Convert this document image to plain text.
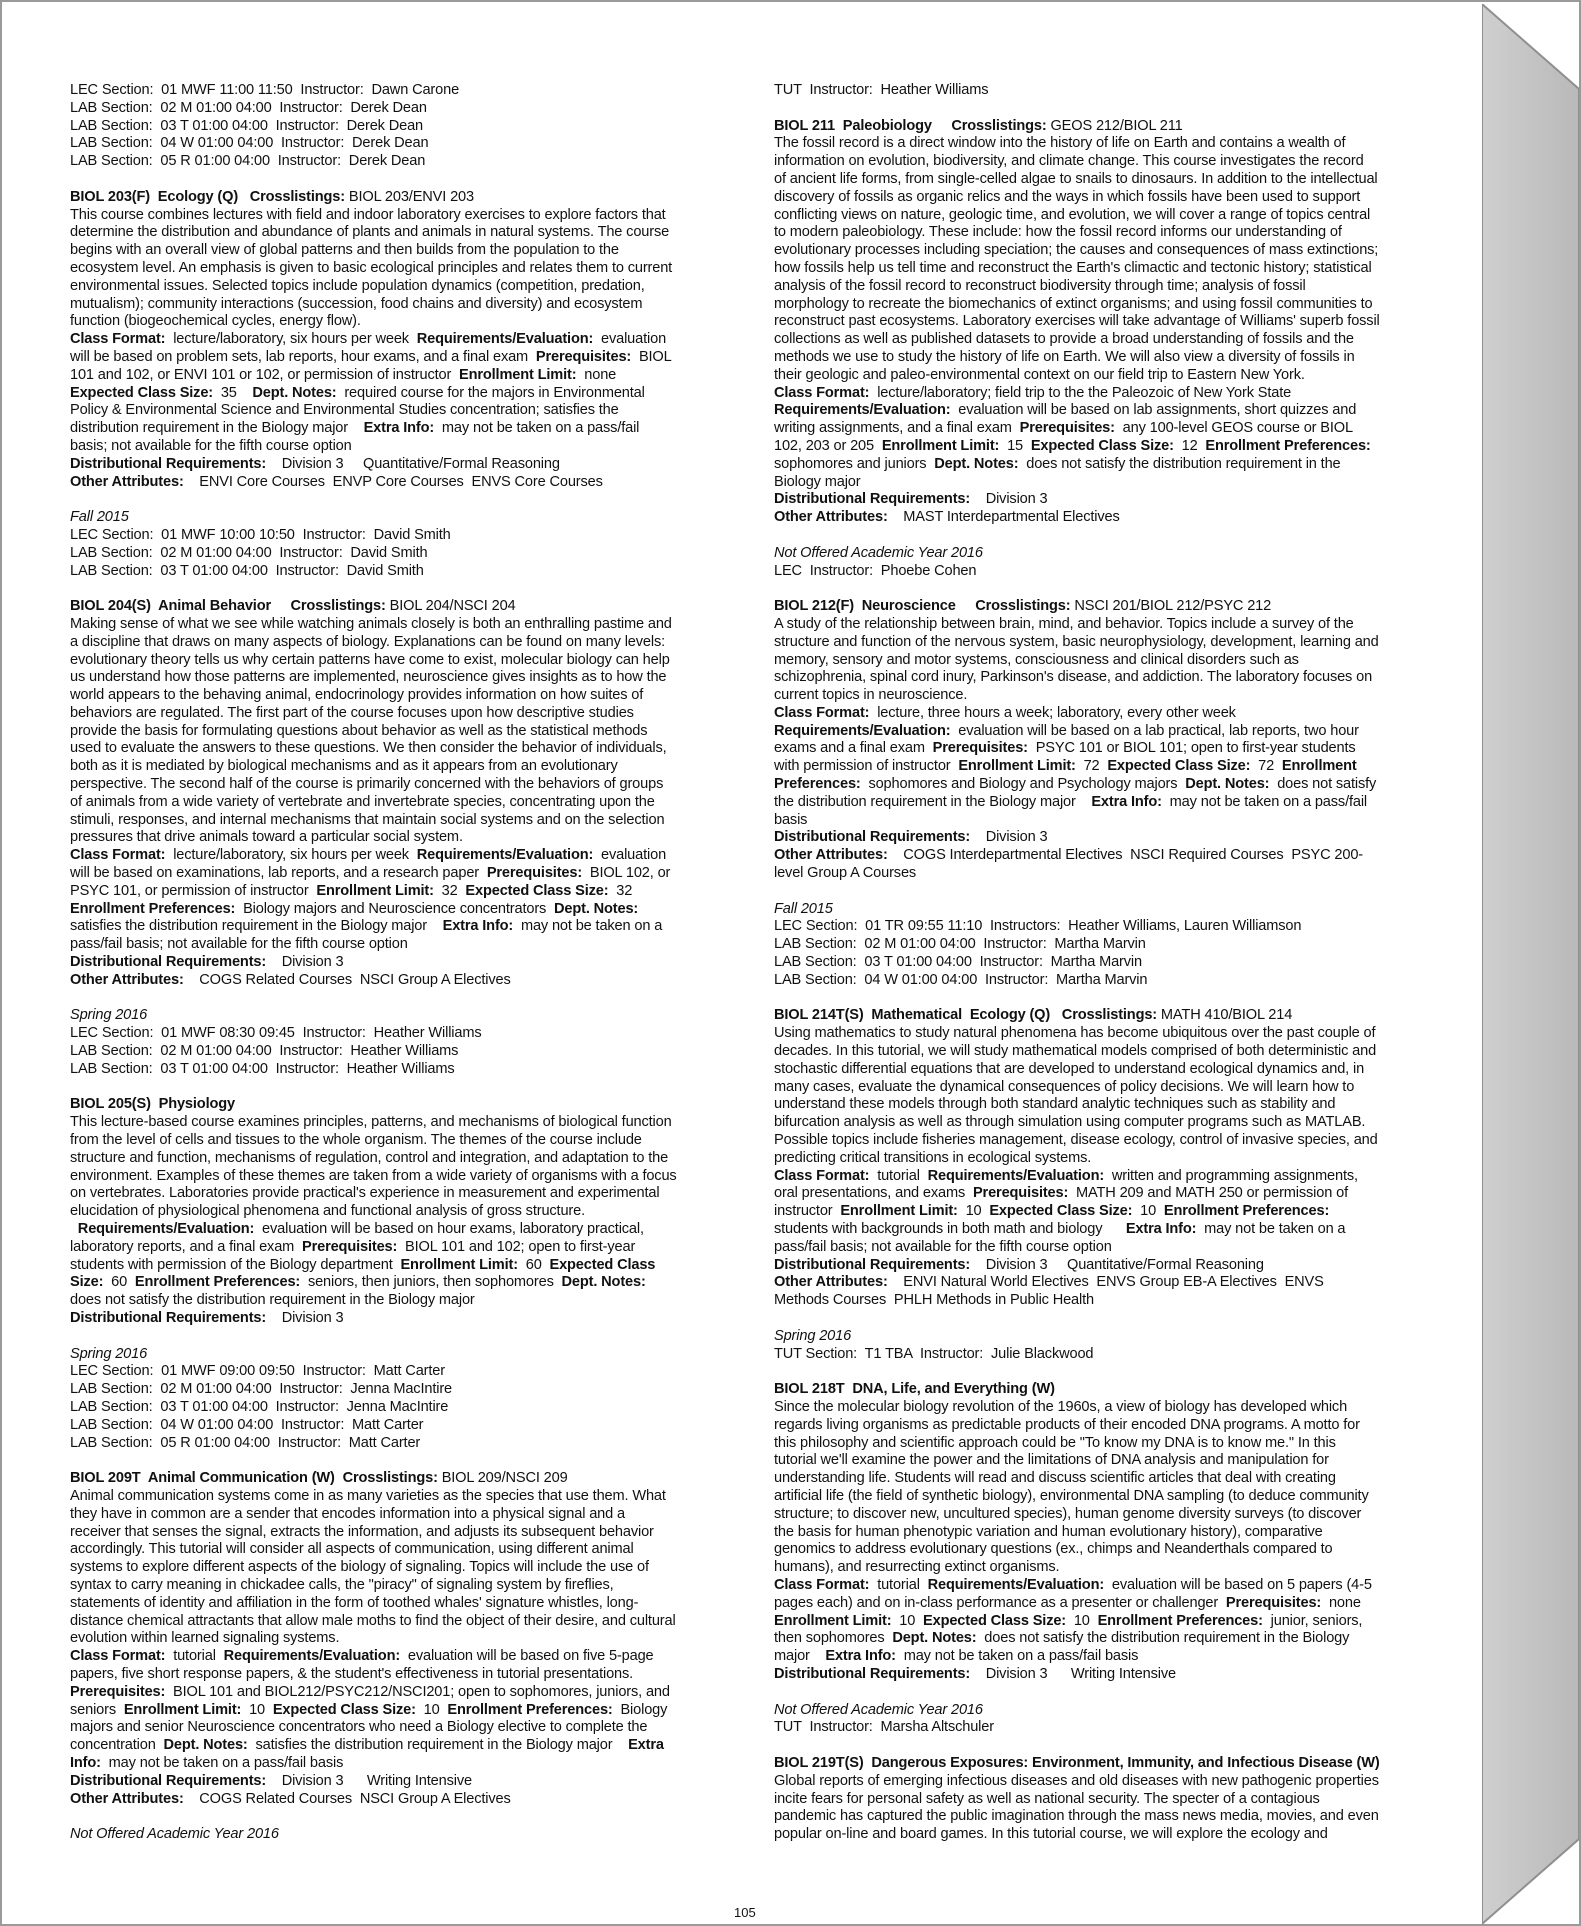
LEC Section:  01 MWF 11:00 11:50  Instructor:  Dawn Carone
LAB Section:  02 M 01:00 04:00  Instructor:  Derek Dean
LAB Section:  03 T 01:00 04:00  Instructor:  Derek Dean
LAB Section:  04 W 01:00 04:00  Instructor:  Derek Dean
LAB Section:  05 R 01:00 04:00  Instructor:  Derek Dean
BIOL 203(F)  Ecology (Q)   Crosslistings: BIOL 203/ENVI 203
This course combines lectures with field and indoor laboratory exercises to explore factors that
determine the distribution and abundance of plants and animals in natural systems. The course
begins with an overall view of global patterns and then builds from the population to the
ecosystem level. An emphasis is given to basic ecological principles and relates them to current
environmental issues. Selected topics include population dynamics (competition, predation,
mutualism); community interactions (succession, food chains and diversity) and ecosystem
function (biogeochemical cycles, energy flow).
Class Format:  lecture/laboratory, six hours per week  Requirements/Evaluation:  evaluation
will be based on problem sets, lab reports, hour exams, and a final exam  Prerequisites:  BIOL
101 and 102, or ENVI 101 or 102, or permission of instructor  Enrollment Limit:  none
Expected Class Size:  35    Dept. Notes:  required course for the majors in Environmental
Policy & Environmental Science and Environmental Studies concentration; satisfies the
distribution requirement in the Biology major    Extra Info:  may not be taken on a pass/fail
basis; not available for the fifth course option
Distributional Requirements:    Division 3     Quantitative/Formal Reasoning
Other Attributes:    ENVI Core Courses  ENVP Core Courses  ENVS Core Courses
Fall 2015
LEC Section:  01 MWF 10:00 10:50  Instructor:  David Smith
LAB Section:  02 M 01:00 04:00  Instructor:  David Smith
LAB Section:  03 T 01:00 04:00  Instructor:  David Smith
BIOL 204(S)  Animal Behavior     Crosslistings: BIOL 204/NSCI 204
Making sense of what we see while watching animals closely is both an enthralling pastime and
a discipline that draws on many aspects of biology. Explanations can be found on many levels:
evolutionary theory tells us why certain patterns have come to exist, molecular biology can help
us understand how those patterns are implemented, neuroscience gives insights as to how the
world appears to the behaving animal, endocrinology provides information on how suites of
behaviors are regulated. The first part of the course focuses upon how descriptive studies
provide the basis for formulating questions about behavior as well as the statistical methods
used to evaluate the answers to these questions. We then consider the behavior of individuals,
both as it is mediated by biological mechanisms and as it appears from an evolutionary
perspective. The second half of the course is primarily concerned with the behaviors of groups
of animals from a wide variety of vertebrate and invertebrate species, concentrating upon the
stimuli, responses, and internal mechanisms that maintain social systems and on the selection
pressures that drive animals toward a particular social system.
Class Format:  lecture/laboratory, six hours per week  Requirements/Evaluation:  evaluation
will be based on examinations, lab reports, and a research paper  Prerequisites:  BIOL 102, or
PSYC 101, or permission of instructor  Enrollment Limit:  32  Expected Class Size:  32
Enrollment Preferences:  Biology majors and Neuroscience concentrators  Dept. Notes:
satisfies the distribution requirement in the Biology major    Extra Info:  may not be taken on a
pass/fail basis; not available for the fifth course option
Distributional Requirements:    Division 3
Other Attributes:    COGS Related Courses  NSCI Group A Electives
Spring 2016
LEC Section:  01 MWF 08:30 09:45  Instructor:  Heather Williams
LAB Section:  02 M 01:00 04:00  Instructor:  Heather Williams
LAB Section:  03 T 01:00 04:00  Instructor:  Heather Williams
BIOL 205(S)  Physiology
This lecture-based course examines principles, patterns, and mechanisms of biological function
from the level of cells and tissues to the whole organism. The themes of the course include
structure and function, mechanisms of regulation, control and integration, and adaptation to the
environment. Examples of these themes are taken from a wide variety of organisms with a focus
on vertebrates. Laboratories provide practical's experience in measurement and experimental
elucidation of physiological phenomena and functional analysis of gross structure.
Requirements/Evaluation:  evaluation will be based on hour exams, laboratory practical,
laboratory reports, and a final exam  Prerequisites:  BIOL 101 and 102; open to first-year
students with permission of the Biology department  Enrollment Limit:  60  Expected Class
Size:  60  Enrollment Preferences:  seniors, then juniors, then sophomores  Dept. Notes:
does not satisfy the distribution requirement in the Biology major
Distributional Requirements:    Division 3
Spring 2016
LEC Section:  01 MWF 09:00 09:50  Instructor:  Matt Carter
LAB Section:  02 M 01:00 04:00  Instructor:  Jenna MacIntire
LAB Section:  03 T 01:00 04:00  Instructor:  Jenna MacIntire
LAB Section:  04 W 01:00 04:00  Instructor:  Matt Carter
LAB Section:  05 R 01:00 04:00  Instructor:  Matt Carter
BIOL 209T  Animal Communication (W)  Crosslistings: BIOL 209/NSCI 209
Animal communication systems come in as many varieties as the species that use them. What
they have in common are a sender that encodes information into a physical signal and a
receiver that senses the signal, extracts the information, and adjusts its subsequent behavior
accordingly. This tutorial will consider all aspects of communication, using different animal
systems to explore different aspects of the biology of signaling. Topics will include the use of
syntax to carry meaning in chickadee calls, the "piracy" of signaling system by fireflies,
statements of identity and affiliation in the form of toothed whales' signature whistles, long-
distance chemical attractants that allow male moths to find the object of their desire, and cultural
evolution within learned signaling systems.
Class Format:  tutorial  Requirements/Evaluation:  evaluation will be based on five 5-page
papers, five short response papers, & the student's effectiveness in tutorial presentations.
Prerequisites:  BIOL 101 and BIOL212/PSYC212/NSCI201; open to sophomores, juniors, and
seniors  Enrollment Limit:  10  Expected Class Size:  10  Enrollment Preferences:  Biology
majors and senior Neuroscience concentrators who need a Biology elective to complete the
concentration  Dept. Notes:  satisfies the distribution requirement in the Biology major    Extra
Info:  may not be taken on a pass/fail basis
Distributional Requirements:    Division 3      Writing Intensive
Other Attributes:    COGS Related Courses  NSCI Group A Electives
Not Offered Academic Year 2016
TUT  Instructor:  Heather Williams
BIOL 211  Paleobiology     Crosslistings: GEOS 212/BIOL 211
The fossil record is a direct window into the history of life on Earth and contains a wealth of
information on evolution, biodiversity, and climate change. This course investigates the record
of ancient life forms, from single-celled algae to snails to dinosaurs. In addition to the intellectual
discovery of fossils as organic relics and the ways in which fossils have been used to support
conflicting views on nature, geologic time, and evolution, we will cover a range of topics central
to modern paleobiology. These include: how the fossil record informs our understanding of
evolutionary processes including speciation; the causes and consequences of mass extinctions;
how fossils help us tell time and reconstruct the Earth's climactic and tectonic history; statistical
analysis of the fossil record to reconstruct biodiversity through time; analysis of fossil
morphology to recreate the biomechanics of extinct organisms; and using fossil communities to
reconstruct past ecosystems. Laboratory exercises will take advantage of Williams' superb fossil
collections as well as published datasets to provide a broad understanding of fossils and the
methods we use to study the history of life on Earth. We will also view a diversity of fossils in
their geologic and paleo-environmental context on our field trip to Eastern New York.
Class Format:  lecture/laboratory; field trip to the the Paleozoic of New York State
Requirements/Evaluation:  evaluation will be based on lab assignments, short quizzes and
writing assignments, and a final exam  Prerequisites:  any 100-level GEOS course or BIOL
102, 203 or 205  Enrollment Limit:  15  Expected Class Size:  12  Enrollment Preferences:
sophomores and juniors  Dept. Notes:  does not satisfy the distribution requirement in the
Biology major
Distributional Requirements:    Division 3
Other Attributes:    MAST Interdepartmental Electives
Not Offered Academic Year 2016
LEC  Instructor:  Phoebe Cohen
BIOL 212(F)  Neuroscience     Crosslistings: NSCI 201/BIOL 212/PSYC 212
A study of the relationship between brain, mind, and behavior. Topics include a survey of the
structure and function of the nervous system, basic neurophysiology, development, learning and
memory, sensory and motor systems, consciousness and clinical disorders such as
schizophrenia, spinal cord inury, Parkinson's disease, and addiction. The laboratory focuses on
current topics in neuroscience.
Class Format:  lecture, three hours a week; laboratory, every other week
Requirements/Evaluation:  evaluation will be based on a lab practical, lab reports, two hour
exams and a final exam  Prerequisites:  PSYC 101 or BIOL 101; open to first-year students
with permission of instructor  Enrollment Limit:  72  Expected Class Size:  72  Enrollment
Preferences:  sophomores and Biology and Psychology majors  Dept. Notes:  does not satisfy
the distribution requirement in the Biology major    Extra Info:  may not be taken on a pass/fail
basis
Distributional Requirements:    Division 3
Other Attributes:    COGS Interdepartmental Electives  NSCI Required Courses  PSYC 200-
level Group A Courses
Fall 2015
LEC Section:  01 TR 09:55 11:10  Instructors:  Heather Williams, Lauren Williamson
LAB Section:  02 M 01:00 04:00  Instructor:  Martha Marvin
LAB Section:  03 T 01:00 04:00  Instructor:  Martha Marvin
LAB Section:  04 W 01:00 04:00  Instructor:  Martha Marvin
BIOL 214T(S)  Mathematical  Ecology (Q)   Crosslistings: MATH 410/BIOL 214
Using mathematics to study natural phenomena has become ubiquitous over the past couple of
decades. In this tutorial, we will study mathematical models comprised of both deterministic and
stochastic differential equations that are developed to understand ecological dynamics and, in
many cases, evaluate the dynamical consequences of policy decisions. We will learn how to
understand these models through both standard analytic techniques such as stability and
bifurcation analysis as well as through simulation using computer programs such as MATLAB.
Possible topics include fisheries management, disease ecology, control of invasive species, and
predicting critical transitions in ecological systems.
Class Format:  tutorial  Requirements/Evaluation:  written and programming assignments,
oral presentations, and exams  Prerequisites:  MATH 209 and MATH 250 or permission of
instructor  Enrollment Limit:  10  Expected Class Size:  10  Enrollment Preferences:
students with backgrounds in both math and biology      Extra Info:  may not be taken on a
pass/fail basis; not available for the fifth course option
Distributional Requirements:    Division 3     Quantitative/Formal Reasoning
Other Attributes:    ENVI Natural World Electives  ENVS Group EB-A Electives  ENVS
Methods Courses  PHLH Methods in Public Health
Spring 2016
TUT Section:  T1 TBA  Instructor:  Julie Blackwood
BIOL 218T  DNA, Life, and Everything (W)
Since the molecular biology revolution of the 1960s, a view of biology has developed which
regards living organisms as predictable products of their encoded DNA programs. A motto for
this philosophy and scientific approach could be "To know my DNA is to know me." In this
tutorial we'll examine the power and the limitations of DNA analysis and manipulation for
understanding life. Students will read and discuss scientific articles that deal with creating
artificial life (the field of synthetic biology), environmental DNA sampling (to deduce community
structure; to discover new, uncultured species), human genome diversity surveys (to discover
the basis for human phenotypic variation and human evolutionary history), comparative
genomics to address evolutionary questions (ex., chimps and Neanderthals compared to
humans), and resurrecting extinct organisms.
Class Format:  tutorial  Requirements/Evaluation:  evaluation will be based on 5 papers (4-5
pages each) and on in-class performance as a presenter or challenger  Prerequisites:  none
Enrollment Limit:  10  Expected Class Size:  10  Enrollment Preferences:  junior, seniors,
then sophomores  Dept. Notes:  does not satisfy the distribution requirement in the Biology
major    Extra Info:  may not be taken on a pass/fail basis
Distributional Requirements:    Division 3      Writing Intensive
Not Offered Academic Year 2016
TUT  Instructor:  Marsha Altschuler
BIOL 219T(S)  Dangerous Exposures: Environment, Immunity, and Infectious Disease (W)
Global reports of emerging infectious diseases and old diseases with new pathogenic properties
incite fears for personal safety as well as national security. The specter of a contagious
pandemic has captured the public imagination through the mass news media, movies, and even
popular on-line and board games. In this tutorial course, we will explore the ecology and
105
